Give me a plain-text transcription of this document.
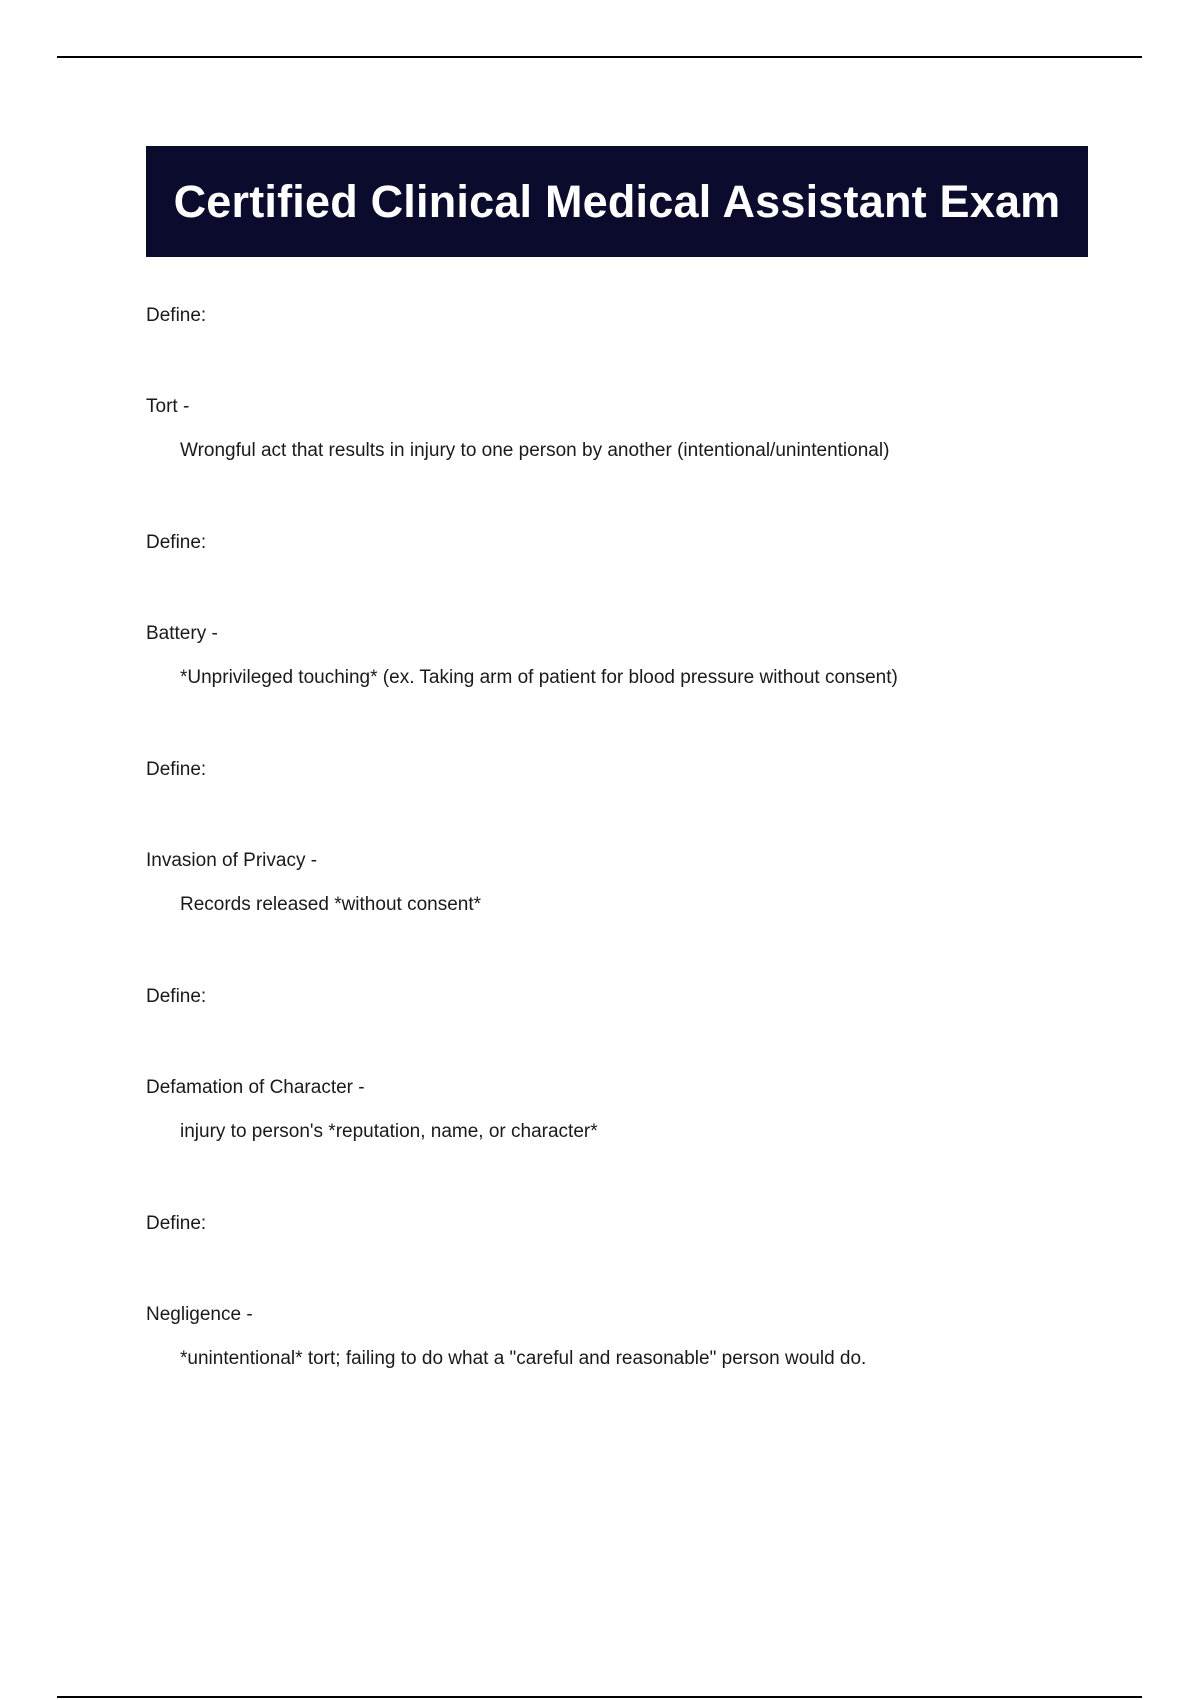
Certified Clinical Medical Assistant Exam
Define:
Tort -
Wrongful act that results in injury to one person by another (intentional/unintentional)
Define:
Battery -
*Unprivileged touching* (ex. Taking arm of patient for blood pressure without consent)
Define:
Invasion of Privacy -
Records released *without consent*
Define:
Defamation of Character -
injury to person's *reputation, name, or character*
Define:
Negligence -
*unintentional* tort; failing to do what a "careful and reasonable" person would do.
